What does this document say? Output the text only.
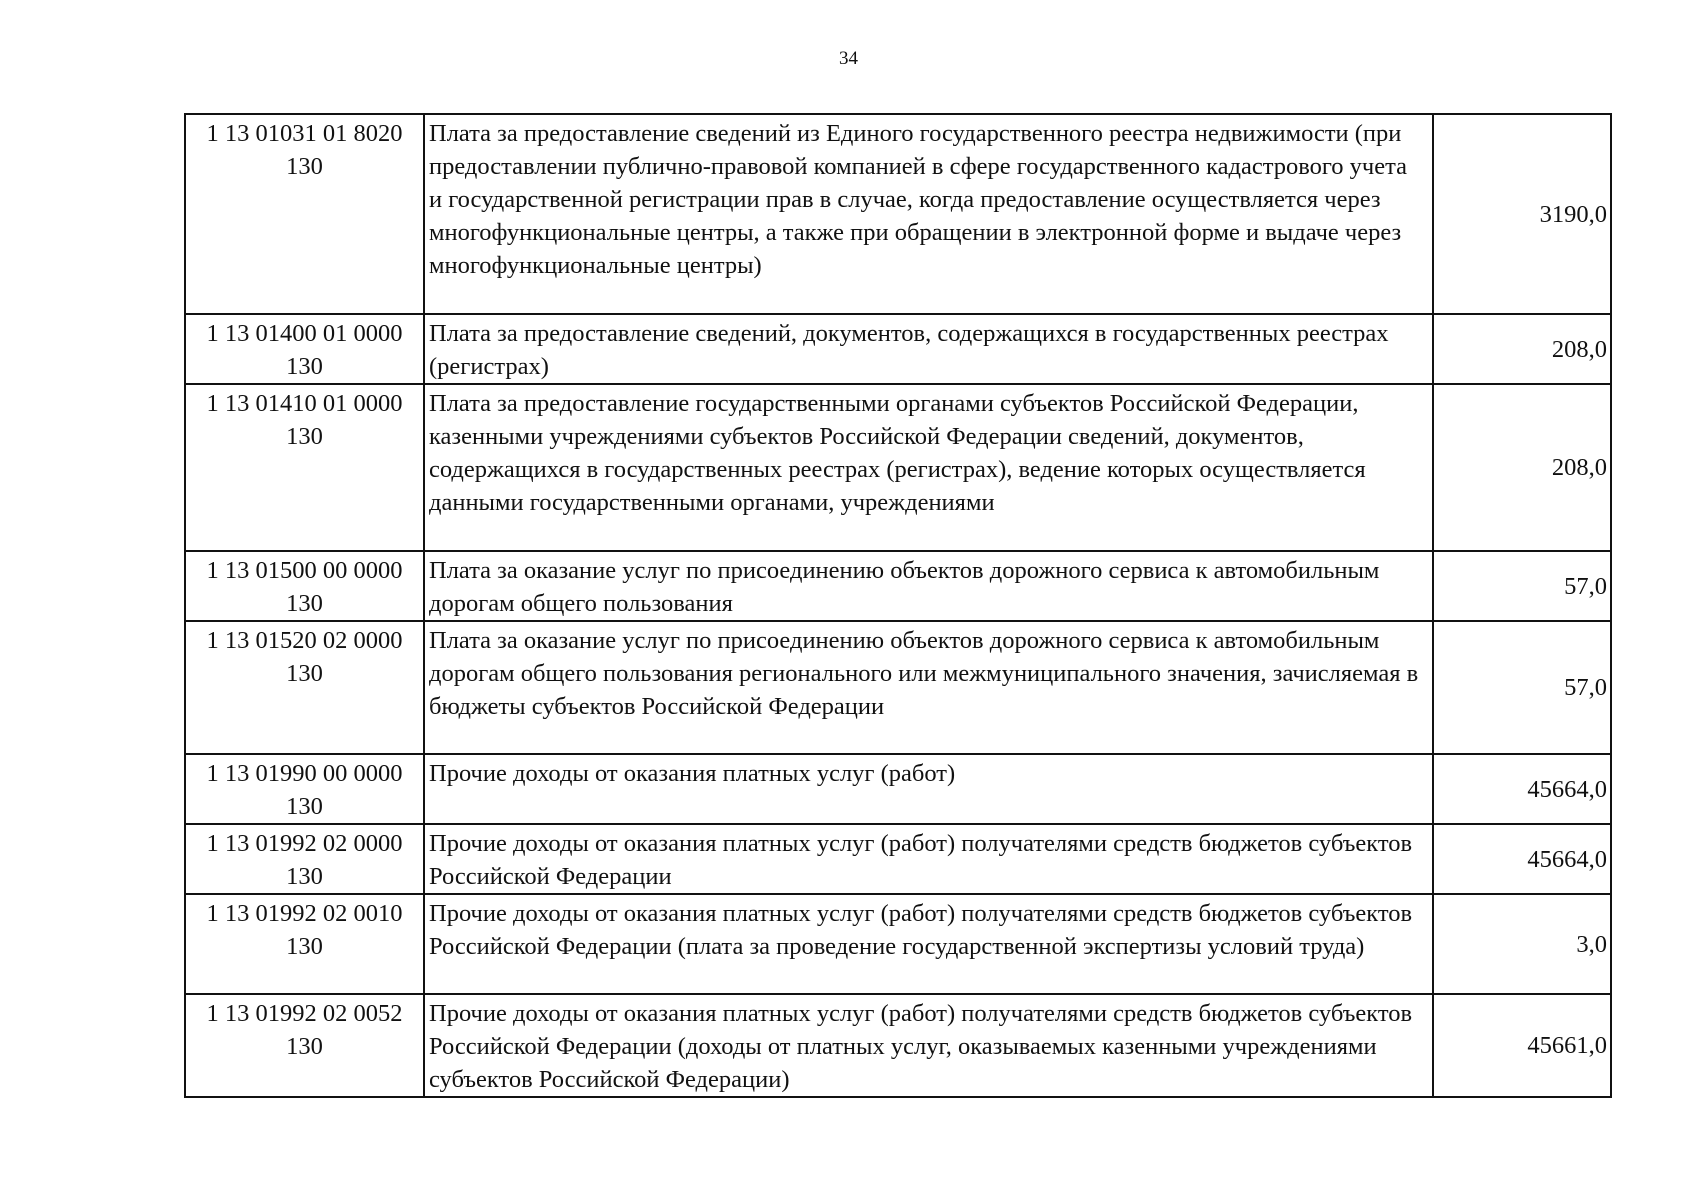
34
1 13 01031 01 8020
130	Плата за предоставление сведений из Единого государственного реестра недвижимости (при предоставлении публично-правовой компанией в сфере государственного кадастрового учета и государственной регистрации прав в случае, когда предоставление осуществляется через многофункциональные центры, а также при обращении в электронной форме и выдаче через многофункциональные центры)	3190,0

1 13 01400 01 0000
130	Плата за предоставление сведений, документов, содержащихся в государственных реестрах (регистрах)	208,0

1 13 01410 01 0000
130	Плата за предоставление государственными органами субъектов Российской Федерации, казенными учреждениями субъектов Российской Федерации сведений, документов, содержащихся в государственных реестрах (регистрах), ведение которых осуществляется данными государственными органами, учреждениями	208,0

1 13 01500 00 0000
130	Плата за оказание услуг по присоединению объектов дорожного сервиса к автомобильным дорогам общего пользования	57,0

1 13 01520 02 0000
130	Плата за оказание услуг по присоединению объектов дорожного сервиса к автомобильным дорогам общего пользования регионального или межмуниципального значения, зачисляемая в бюджеты субъектов Российской Федерации	57,0

1 13 01990 00 0000
130	Прочие доходы от оказания платных услуг (работ)	45664,0

1 13 01992 02 0000
130	Прочие доходы от оказания платных услуг (работ) получателями средств бюджетов субъектов Российской Федерации	45664,0

1 13 01992 02 0010
130	Прочие доходы от оказания платных услуг (работ) получателями средств бюджетов субъектов Российской Федерации (плата за проведение государственной экспертизы условий труда)	3,0

1 13 01992 02 0052
130	Прочие доходы от оказания платных услуг (работ) получателями средств бюджетов субъектов Российской Федерации (доходы от платных услуг, оказываемых казенными учреждениями субъектов Российской Федерации)	45661,0
